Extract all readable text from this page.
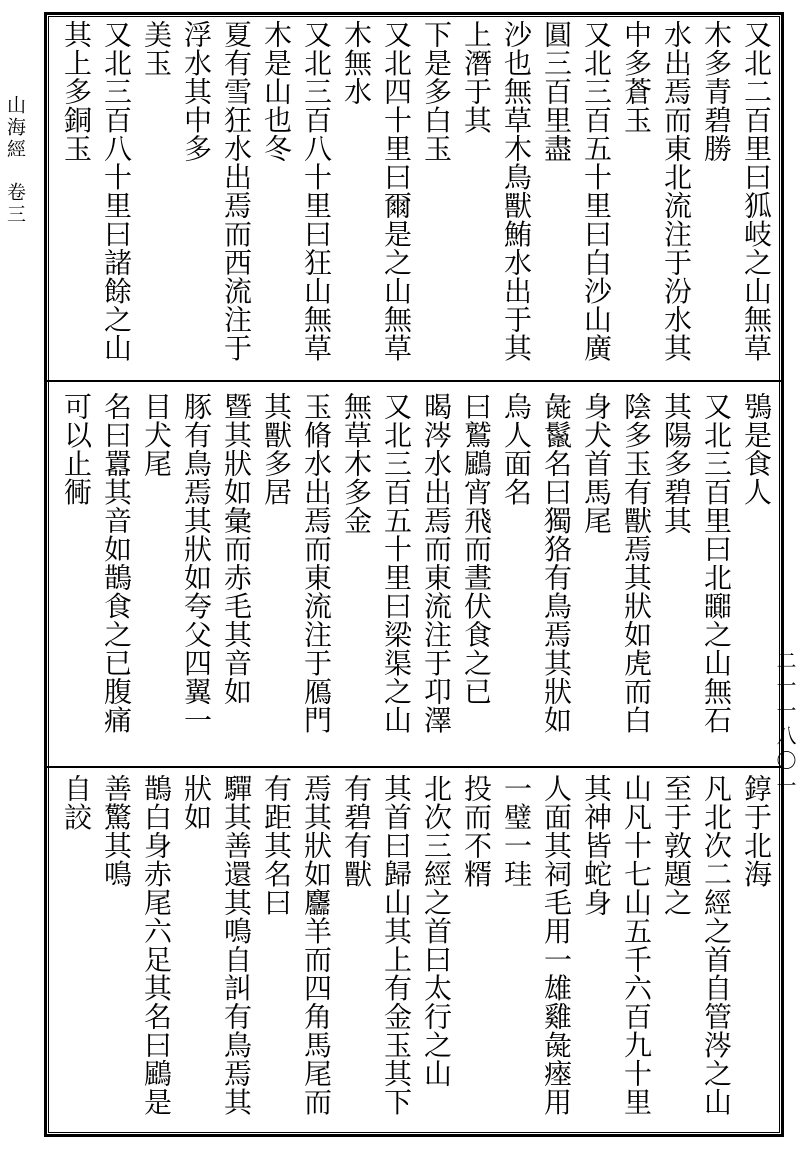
山海經 卷三
二一一八〇一
又北二百里曰狐岐之山無草木多青碧勝
水出焉而東北流注于汾水其中多蒼玉
又北三百五十里曰白沙山廣圓三百里盡
沙也無草木鳥獸鮪水出于其上潛于其
下是多白玉
又北四十里曰爾是之山無草木無水
又北三百八十里曰狂山無草木是山也冬
夏有雪狂水出焉而西流注于浮水其中多
美玉
又北三百八十里曰諸餘之山其上多銅玉
鴞是食人
又北三百里曰北嚻之山無石其陽多碧其
陰多玉有獸焉其狀如虎而白身犬首馬尾
彘鬣名曰獨狢有鳥焉其狀如烏人面名
曰鷲鶌宵飛而晝伏食之已
暍涔水出焉而東流注于卭澤
又北三百五十里曰梁渠之山無草木多金
玉脩水出焉而東流注于鴈門其獸多居
暨其狀如彙而赤毛其音如
豚有鳥焉其狀如夸父四翼一目犬尾
名曰囂其音如鵲食之已腹痛可以止衕
錞于北海
凡北次二經之首自管涔之山至于敦題之
山凡十七山五千六百九十里其神皆蛇身
人面其祠毛用一雄雞彘瘞用一璧一珪
投而不糈
北次三經之首曰太行之山
其首曰歸山其上有金玉其下有碧有獸
焉其狀如麢羊而四角馬尾而有距其名曰
驒其善還其鳴自訆有鳥焉其狀如
鵲白身赤尾六足其名曰鶌是善驚其鳴
自詨
